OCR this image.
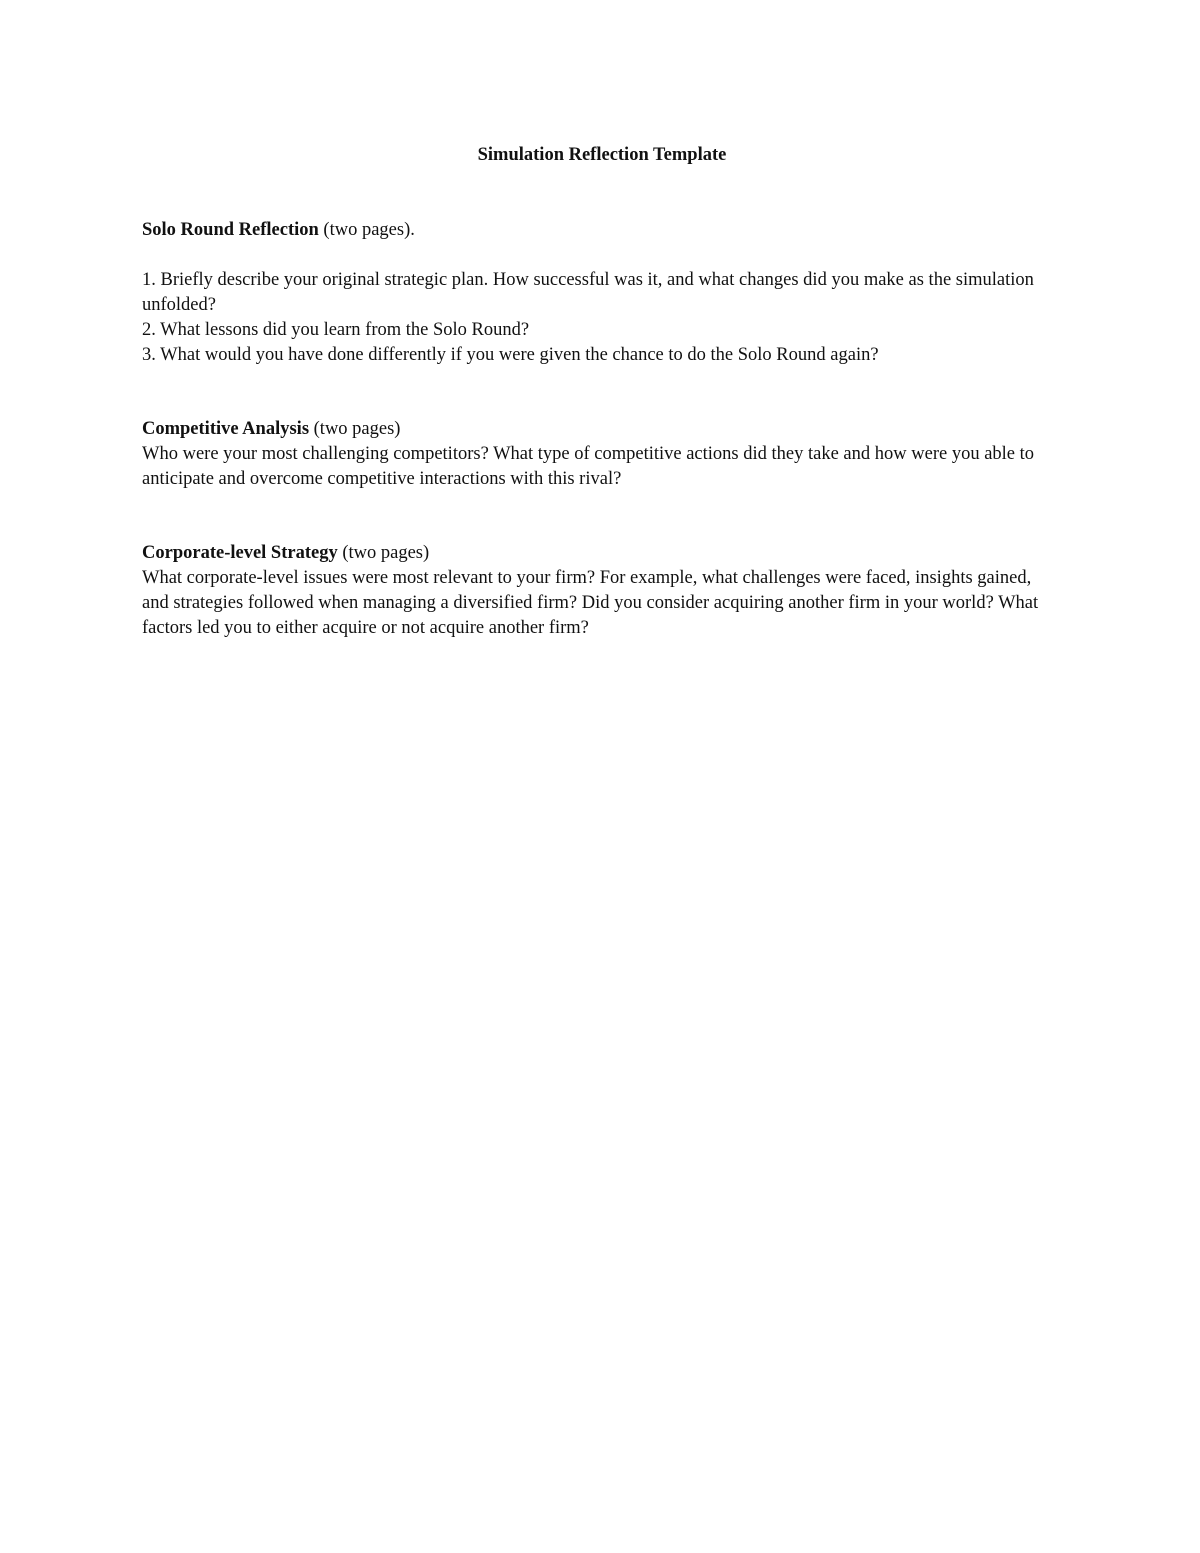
Simulation Reflection Template

Solo Round Reflection (two pages).

1. Briefly describe your original strategic plan. How successful was it, and what changes did you make as the simulation unfolded?

2. What lessons did you learn from the Solo Round?

3. What would you have done differently if you were given the chance to do the Solo Round again?

Competitive Analysis (two pages)

Who were your most challenging competitors? What type of competitive actions did they take and how were you able to anticipate and overcome competitive interactions with this rival?

Corporate-level Strategy (two pages)

What corporate-level issues were most relevant to your firm? For example, what challenges were faced, insights gained, and strategies followed when managing a diversified firm? Did you consider acquiring another firm in your world? What factors led you to either acquire or not acquire another firm?
